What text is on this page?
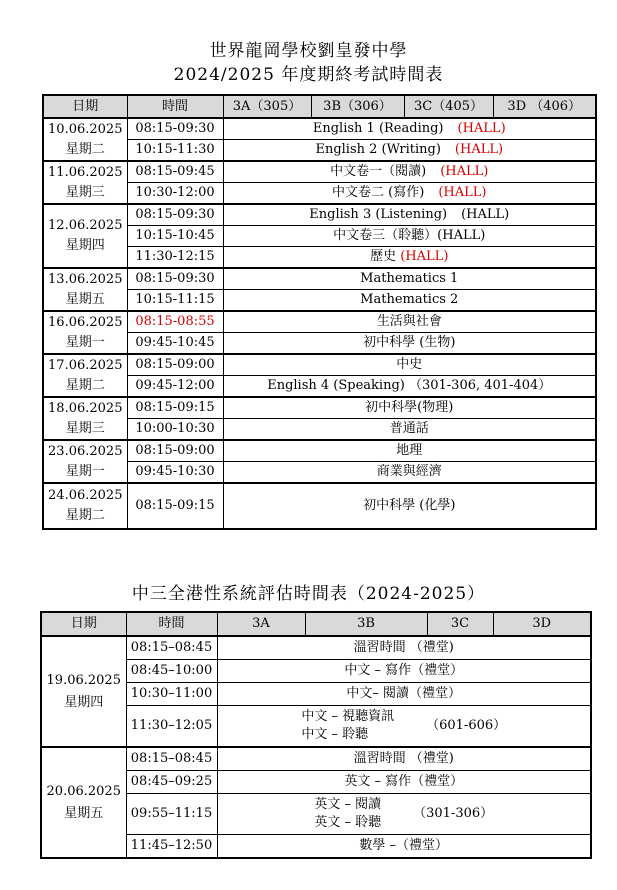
世界龍岡學校劉皇發中學
2024/2025 年度期終考試時間表
日期	時間	3A（305）	3B（306）	3C（405）	3D （406）

10.06.2025
星期二	08:15-09:30	English 1 (Reading) (HALL)			
	10:15-11:30	English 2 (Writing) (HALL)			

11.06.2025
星期三	08:15-09:45	中文卷一（閱讀) (HALL)			
	10:30-12:00	中文卷二 (寫作) (HALL)			

12.06.2025
星期四	08:15-09:30	English 3 (Listening) (HALL)			
	10:15-10:45	中文卷三（聆聽）(HALL)			
	11:30-12:15	歷史 (HALL)			

13.06.2025
星期五	08:15-09:30	Mathematics 1			
	10:15-11:15	Mathematics 2			

16.06.2025
星期一	08:15-08:55	生活與社會			
	09:45-10:45	初中科學 (生物)			

17.06.2025
星期二	08:15-09:00	中史			
	09:45-12:00	English 4 (Speaking) （301-306, 401-404）			

18.06.2025
星期三	08:15-09:15	初中科學(物理)			
	10:00-10:30	普通話			

23.06.2025
星期一	08:15-09:00	地理			
	09:45-10:30	商業與經濟			

24.06.2025
星期二	08:15-09:15	初中科學 (化學)			
中三全港性系統評估時間表（2024-2025）
日期	時間	3A	3B	3C	3D

19.06.2025
星期四	08:15–08:45	溫習時間 （禮堂)			
	08:45–10:00	中文 – 寫作（禮堂）			
	10:30–11:00	中文– 閱讀（禮堂）			
	11:30–12:05	中文 – 視聽資訊
中文 – 聆聽
（601-606）			

20.06.2025
星期五	08:15–08:45	溫習時間 （禮堂)			
	08:45–09:25	英文 – 寫作（禮堂）			
	09:55–11:15	英文 – 閱讀
英文 – 聆聽
（301-306）			
	11:45–12:50	數學 –（禮堂）			
